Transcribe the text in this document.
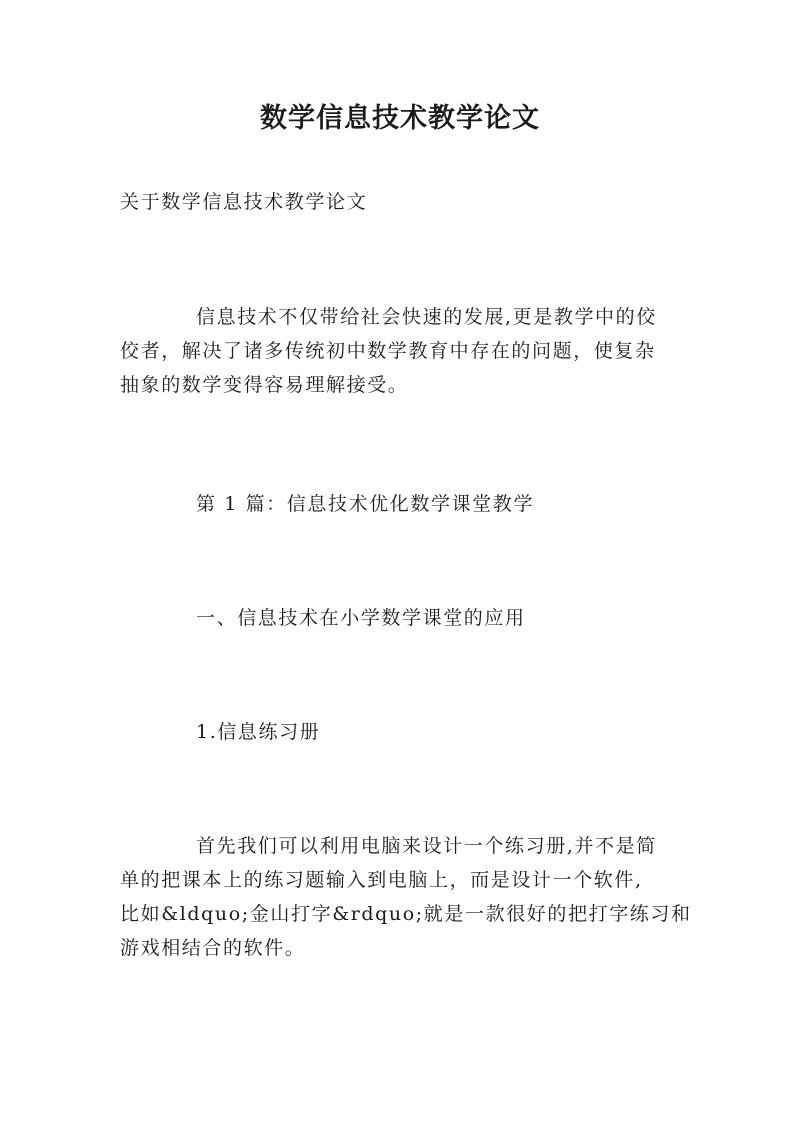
数学信息技术教学论文
关于数学信息技术教学论文
信息技术不仅带给社会快速的发展,更是教学中的佼
佼者，解决了诸多传统初中数学教育中存在的问题，使复杂
抽象的数学变得容易理解接受。
第 1 篇：信息技术优化数学课堂教学
一、信息技术在小学数学课堂的应用
1.信息练习册
首先我们可以利用电脑来设计一个练习册,并不是简
单的把课本上的练习题输入到电脑上，而是设计一个软件,
比如&ldquo;金山打字&rdquo;就是一款很好的把打字练习和
游戏相结合的软件。
